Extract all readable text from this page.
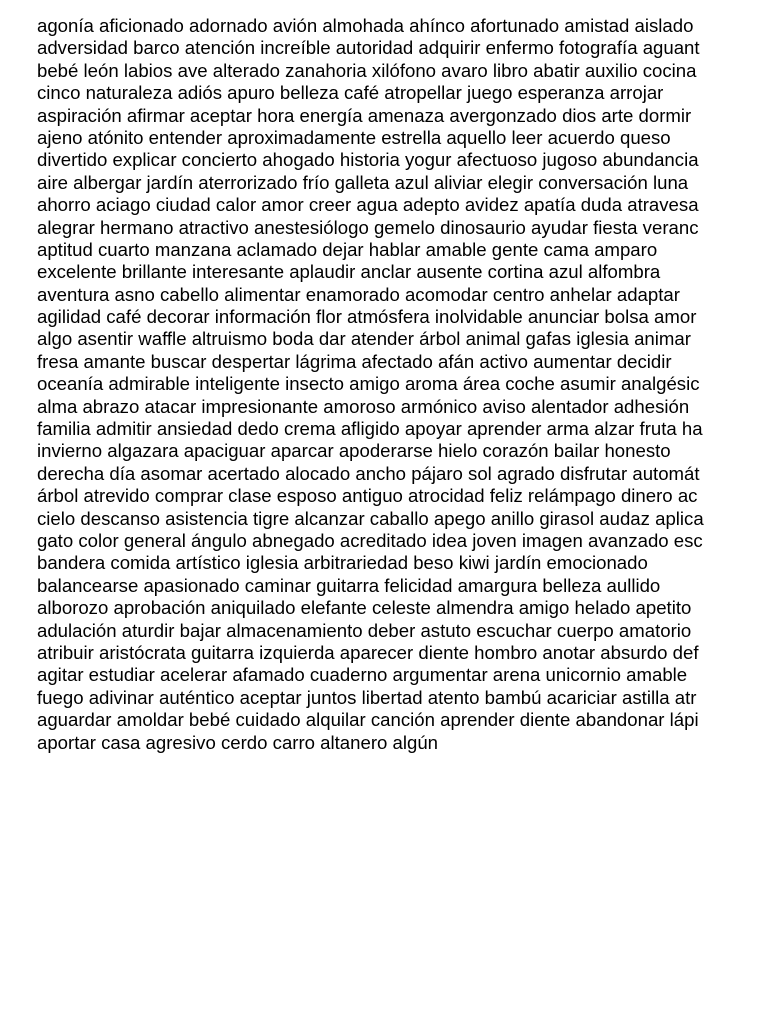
agonía aficionado adornado avión almohada ahínco afortunado amistad aislado
adversidad barco atención increíble autoridad adquirir enfermo fotografía aguant
bebé león labios ave alterado zanahoria xilófono avaro libro abatir auxilio cocina
cinco naturaleza adiós apuro belleza café atropellar juego esperanza arrojar
aspiración afirmar aceptar hora energía amenaza avergonzado dios arte dormir
ajeno atónito entender aproximadamente estrella aquello leer acuerdo queso
divertido explicar concierto ahogado historia yogur afectuoso jugoso abundancia
aire albergar jardín aterrorizado frío galleta azul aliviar elegir conversación luna
ahorro aciago ciudad calor amor creer agua adepto avidez apatía duda atravesa
alegrar hermano atractivo anestesiólogo gemelo dinosaurio ayudar fiesta veranc
aptitud cuarto manzana aclamado dejar hablar amable gente cama amparo
excelente brillante interesante aplaudir anclar ausente cortina azul alfombra
aventura asno cabello alimentar enamorado acomodar centro anhelar adaptar
agilidad café decorar información flor atmósfera inolvidable anunciar bolsa amor
algo asentir waffle altruismo boda dar atender árbol animal gafas iglesia animar
fresa amante buscar despertar lágrima afectado afán activo aumentar decidir
oceanía admirable inteligente insecto amigo aroma área coche asumir analgésic
alma abrazo atacar impresionante amoroso armónico aviso alentador adhesión
familia admitir ansiedad dedo crema afligido apoyar aprender arma alzar fruta ha
invierno algazara apaciguar aparcar apoderarse hielo corazón bailar honesto
derecha día asomar acertado alocado ancho pájaro sol agrado disfrutar automát
árbol atrevido comprar clase esposo antiguo atrocidad feliz relámpago dinero ac
cielo descanso asistencia tigre alcanzar caballo apego anillo girasol audaz aplica
gato color general ángulo abnegado acreditado idea joven imagen avanzado esc
bandera comida artístico iglesia arbitrariedad beso kiwi jardín emocionado
balancearse apasionado caminar guitarra felicidad amargura belleza aullido
alborozo aprobación aniquilado elefante celeste almendra amigo helado apetito
adulación aturdir bajar almacenamiento deber astuto escuchar cuerpo amatorio
atribuir aristócrata guitarra izquierda aparecer diente hombro anotar absurdo def
agitar estudiar acelerar afamado cuaderno argumentar arena unicornio amable
fuego adivinar auténtico aceptar juntos libertad atento bambú acariciar astilla atr
aguardar amoldar bebé cuidado alquilar canción aprender diente abandonar lápi
aportar casa agresivo cerdo carro altanero algún
